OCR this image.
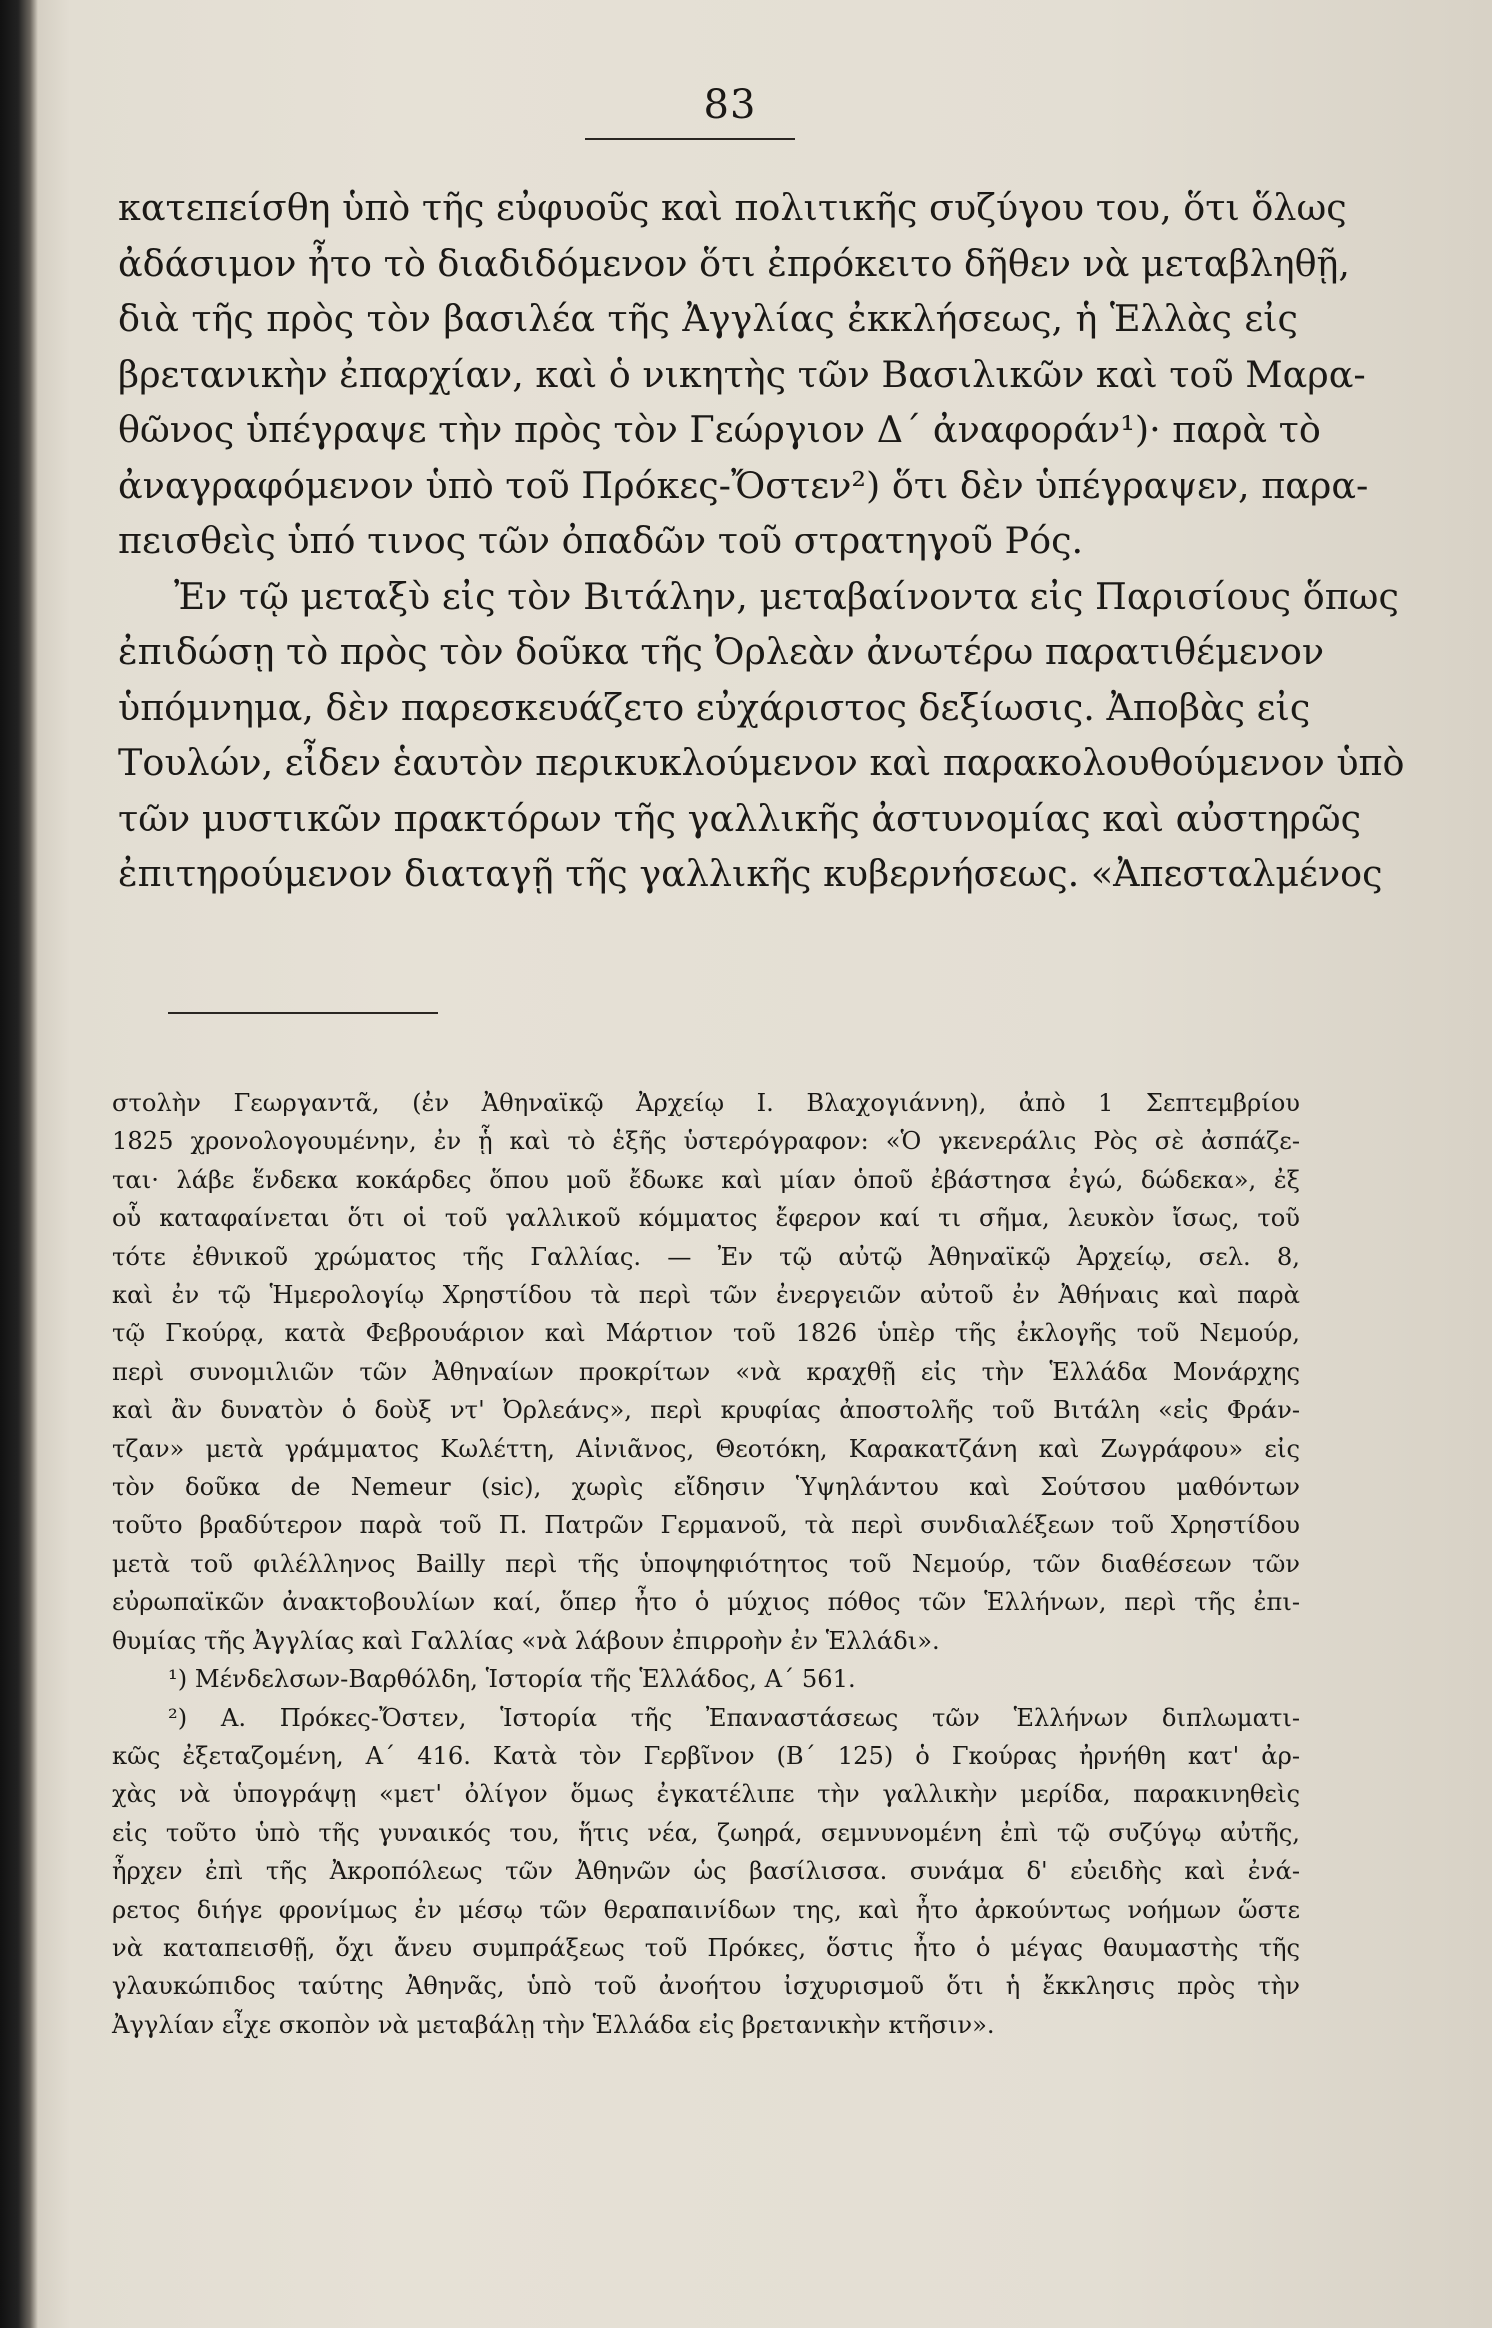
83
κατεπείσθη ὑπὸ τῆς εὐφυοῦς καὶ πολιτικῆς συζύγου του, ὅτι ὅλως
ἀδάσιμον ἦτο τὸ διαδιδόμενον ὅτι ἐπρόκειτο δῆθεν νὰ μεταβληθῇ,
διὰ τῆς πρὸς τὸν βασιλέα τῆς Ἀγγλίας ἐκκλήσεως, ἡ Ἑλλὰς εἰς
βρετανικὴν ἐπαρχίαν, καὶ ὁ νικητὴς τῶν Βασιλικῶν καὶ τοῦ Μαρα-
θῶνος ὑπέγραψε τὴν πρὸς τὸν Γεώργιον Δ΄ ἀναφοράν¹)· παρὰ τὸ
ἀναγραφόμενον ὑπὸ τοῦ Πρόκες-Ὄστεν²) ὅτι δὲν ὑπέγραψεν, παρα-
πεισθεὶς ὑπό τινος τῶν ὀπαδῶν τοῦ στρατηγοῦ Ρός.
Ἐν τῷ μεταξὺ εἰς τὸν Βιτάλην, μεταβαίνοντα εἰς Παρισίους ὅπως
ἐπιδώσῃ τὸ πρὸς τὸν δοῦκα τῆς Ὀρλεὰν ἀνωτέρω παρατιθέμενον
ὑπόμνημα, δὲν παρεσκευάζετο εὐχάριστος δεξίωσις. Ἀποβὰς εἰς
Τουλών, εἶδεν ἑαυτὸν περικυκλούμενον καὶ παρακολουθούμενον ὑπὸ
τῶν μυστικῶν πρακτόρων τῆς γαλλικῆς ἀστυνομίας καὶ αὐστηρῶς
ἐπιτηρούμενον διαταγῇ τῆς γαλλικῆς κυβερνήσεως. «Ἀπεσταλμένος
στολὴν Γεωργαντᾶ, (ἐν Ἀθηναϊκῷ Ἀρχείῳ Ι. Βλαχογιάννη), ἀπὸ 1 Σεπτεμβρίου
1825 χρονολογουμένην, ἐν ᾗ καὶ τὸ ἑξῆς ὑστερόγραφον: «Ὁ γκενεράλις Ρὸς σὲ ἀσπάζε-
ται· λάβε ἕνδεκα κοκάρδες ὅπου μοῦ ἔδωκε καὶ μίαν ὁποῦ ἐβάστησα ἐγώ, δώδεκα», ἐξ
οὗ καταφαίνεται ὅτι οἱ τοῦ γαλλικοῦ κόμματος ἔφερον καί τι σῆμα, λευκὸν ἴσως, τοῦ
τότε ἐθνικοῦ χρώματος τῆς Γαλλίας. — Ἐν τῷ αὐτῷ Ἀθηναϊκῷ Ἀρχείῳ, σελ. 8,
καὶ ἐν τῷ Ἡμερολογίῳ Χρηστίδου τὰ περὶ τῶν ἐνεργειῶν αὐτοῦ ἐν Ἀθήναις καὶ παρὰ
τῷ Γκούρᾳ, κατὰ Φεβρουάριον καὶ Μάρτιον τοῦ 1826 ὑπὲρ τῆς ἐκλογῆς τοῦ Νεμούρ,
περὶ συνομιλιῶν τῶν Ἀθηναίων προκρίτων «νὰ κραχθῇ εἰς τὴν Ἑλλάδα Μονάρχης
καὶ ἂν δυνατὸν ὁ δοὺξ ντ' Ὀρλεάνς», περὶ κρυφίας ἀποστολῆς τοῦ Βιτάλη «εἰς Φράν-
τζαν» μετὰ γράμματος Κωλέττη, Αἰνιᾶνος, Θεοτόκη, Καρακατζάνη καὶ Ζωγράφου» εἰς
τὸν δοῦκα de Nemeur (sic), χωρὶς εἴδησιν Ὑψηλάντου καὶ Σούτσου μαθόντων
τοῦτο βραδύτερον παρὰ τοῦ Π. Πατρῶν Γερμανοῦ, τὰ περὶ συνδιαλέξεων τοῦ Χρηστίδου
μετὰ τοῦ φιλέλληνος Bailly περὶ τῆς ὑποψηφιότητος τοῦ Νεμούρ, τῶν διαθέσεων τῶν
εὐρωπαϊκῶν ἀνακτοβουλίων καί, ὅπερ ἦτο ὁ μύχιος πόθος τῶν Ἑλλήνων, περὶ τῆς ἐπι-
θυμίας τῆς Ἀγγλίας καὶ Γαλλίας «νὰ λάβουν ἐπιρροὴν ἐν Ἑλλάδι».
¹) Μένδελσων-Βαρθόλδη, Ἱστορία τῆς Ἑλλάδος, Α΄ 561.
²) Α. Πρόκες-Ὄστεν, Ἱστορία τῆς Ἐπαναστάσεως τῶν Ἑλλήνων διπλωματι-
κῶς ἐξεταζομένη, Α΄ 416. Κατὰ τὸν Γερβῖνον (Β΄ 125) ὁ Γκούρας ἠρνήθη κατ' ἀρ-
χὰς νὰ ὑπογράψῃ «μετ' ὀλίγον ὅμως ἐγκατέλιπε τὴν γαλλικὴν μερίδα, παρακινηθεὶς
εἰς τοῦτο ὑπὸ τῆς γυναικός του, ἥτις νέα, ζωηρά, σεμνυνομένη ἐπὶ τῷ συζύγῳ αὐτῆς,
ἦρχεν ἐπὶ τῆς Ἀκροπόλεως τῶν Ἀθηνῶν ὡς βασίλισσα. συνάμα δ' εὐειδὴς καὶ ἐνά-
ρετος διήγε φρονίμως ἐν μέσῳ τῶν θεραπαινίδων της, καὶ ἦτο ἀρκούντως νοήμων ὥστε
νὰ καταπεισθῇ, ὄχι ἄνευ συμπράξεως τοῦ Πρόκες, ὅστις ἦτο ὁ μέγας θαυμαστὴς τῆς
γλαυκώπιδος ταύτης Ἀθηνᾶς, ὑπὸ τοῦ ἀνοήτου ἰσχυρισμοῦ ὅτι ἡ ἔκκλησις πρὸς τὴν
Ἀγγλίαν εἶχε σκοπὸν νὰ μεταβάλῃ τὴν Ἑλλάδα εἰς βρετανικὴν κτῆσιν».
